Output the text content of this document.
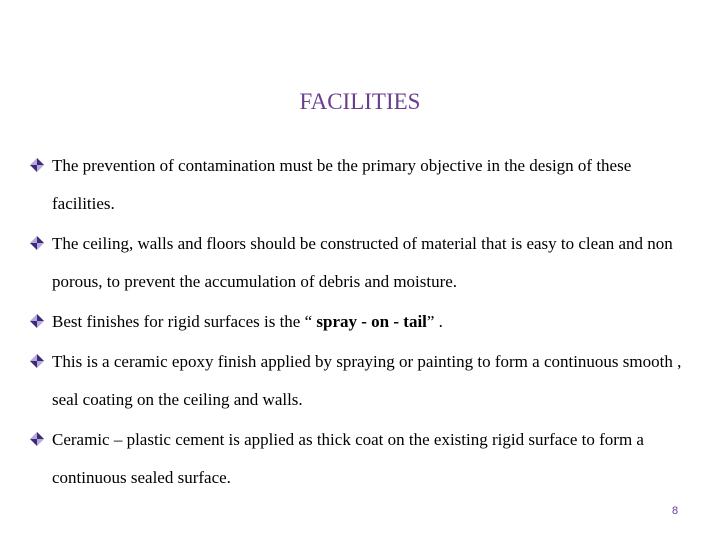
FACILITIES
The prevention of contamination must be the primary objective in the design of these facilities.
The ceiling, walls and floors should be constructed of material that is easy to clean and non porous, to prevent the accumulation of debris and moisture.
Best finishes for rigid surfaces is the “ spray - on - tail” .
This is a ceramic epoxy finish applied by spraying or painting to form a continuous smooth , seal coating on the ceiling and walls.
Ceramic – plastic cement is applied as thick coat on the existing rigid surface to form a continuous sealed surface.
8
